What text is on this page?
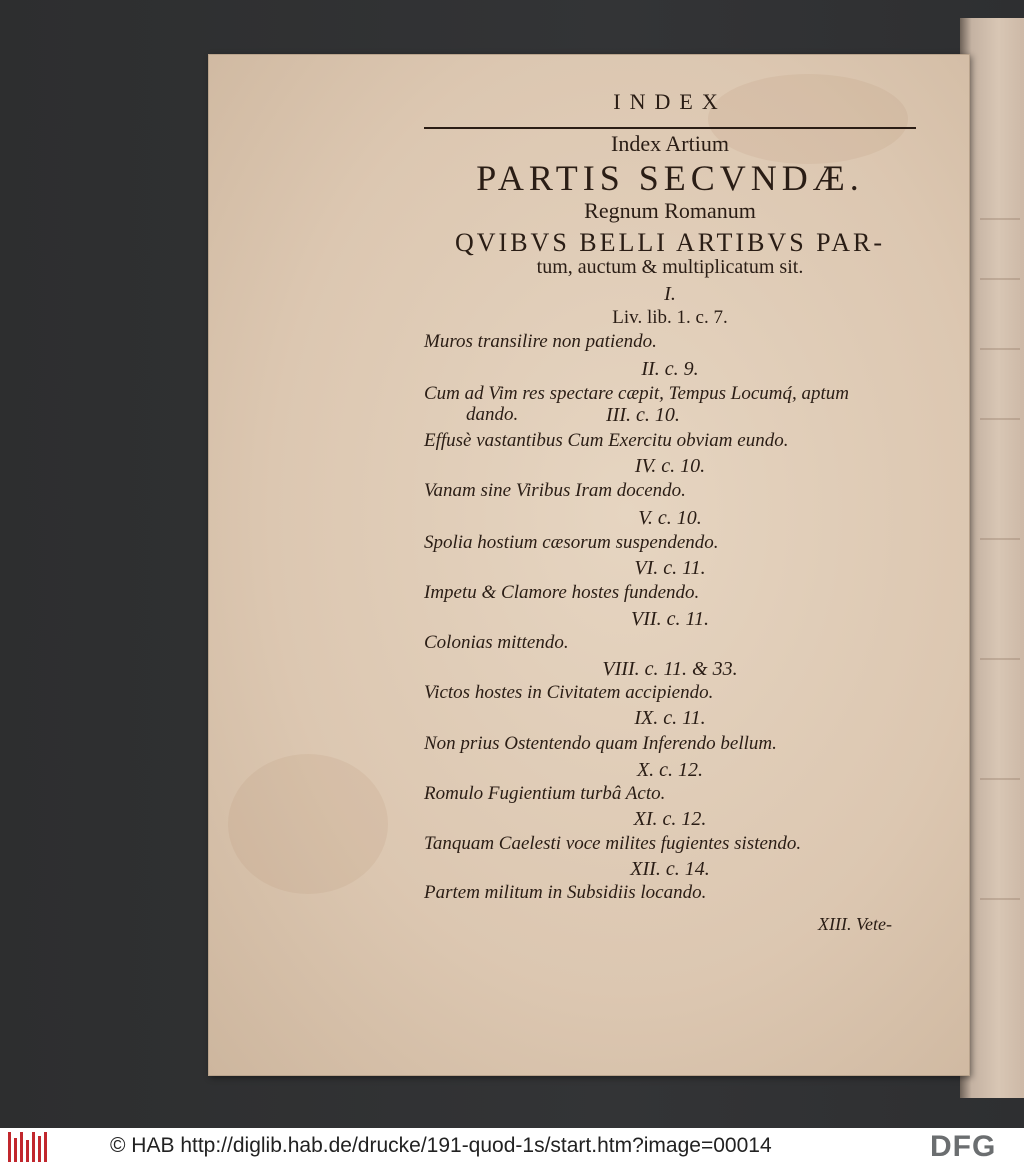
INDEX
Index Artium
PARTIS SECVNDÆ.
Regnum Romanum
QVIBVS BELLI ARTIBVS PAR-
tum, auctum & multiplicatum sit.
I.
Liv. lib. 1. c. 7.
Muros transilire non patiendo.
II. c. 9.
Cum ad Vim res spectare cæpit, Tempus Locumq́, aptum
dando.	III. c. 10.
Effusè vastantibus Cum Exercitu obviam eundo.
IV. c. 10.
Vanam sine Viribus Iram docendo.
V. c. 10.
Spolia hostium cæsorum suspendendo.
VI. c. 11.
Impetu & Clamore hostes fundendo.
VII. c. 11.
Colonias mittendo.
VIII. c. 11. & 33.
Victos hostes in Civitatem accipiendo.
IX. c. 11.
Non prius Ostentendo quam Inferendo bellum.
X. c. 12.
Romulo Fugientium turbâ Acto.
XI. c. 12.
Tanquam Caelesti voce milites fugientes sistendo.
XII. c. 14.
Partem militum in Subsidiis locando.
XIII. Vete-
© HAB http://diglib.hab.de/drucke/191-quod-1s/start.htm?image=00014	DFG
